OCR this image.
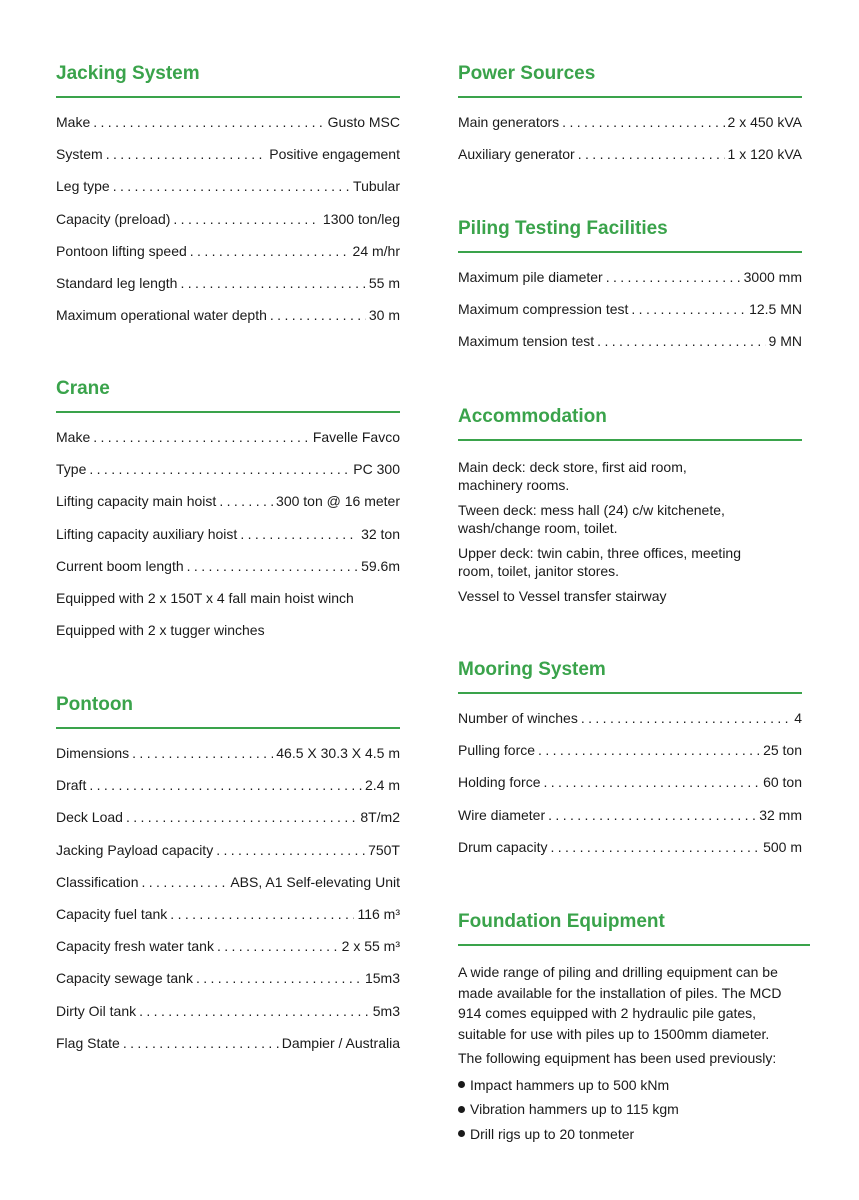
Jacking System
Make . . .	Gusto MSC
System . . .	Positive engagement
Leg type . . .	Tubular
Capacity (preload) . . .	1300 ton/leg
Pontoon lifting speed . . .	24 m/hr
Standard leg length . . .	55 m
Maximum operational water depth . . .	30 m
Crane
Make . . .	Favelle Favco
Type . . .	PC 300
Lifting capacity main hoist . . .	300 ton @ 16 meter
Lifting capacity auxiliary hoist . . .	32 ton
Current boom length . . .	59.6m
Equipped with 2 x 150T x 4 fall main hoist winch
Equipped with 2 x tugger winches
Pontoon
Dimensions . . .	46.5 X 30.3 X 4.5 m
Draft . . .	2.4 m
Deck Load . . .	8T/m2
Jacking Payload capacity . . .	750T
Classification . . .	ABS, A1 Self-elevating Unit
Capacity fuel tank . . .	116 m³
Capacity fresh water tank . . .	2 x 55 m³
Capacity sewage tank . . .	15m3
Dirty Oil tank . . .	5m3
Flag State . . .	Dampier / Australia
Power Sources
Main generators . . .	2 x 450 kVA
Auxiliary generator . . .	1 x 120 kVA
Piling Testing Facilities
Maximum pile diameter . . .	3000 mm
Maximum compression test . . .	12.5 MN
Maximum tension test . . .	9 MN
Accommodation

Main deck: deck store, first aid room,
machinery rooms.

Tween deck: mess hall (24) c/w kitchenete,
wash/change room, toilet.

Upper deck: twin cabin, three offices, meeting
room, toilet, janitor stores.

Vessel to Vessel transfer stairway

Mooring System
Number of winches . . .	4
Pulling force . . .	25 ton
Holding force . . .	60 ton
Wire diameter . . .	32 mm
Drum capacity . . .	500 m
Foundation Equipment

A wide range of piling and drilling equipment can be
made available for the installation of piles. The MCD
914 comes equipped with 2 hydraulic pile gates,
suitable for use with piles up to 1500mm diameter.

The following equipment has been used previously:

Impact hammers up to 500 kNm
Vibration hammers up to 115 kgm
Drill rigs up to 20 tonmeter
